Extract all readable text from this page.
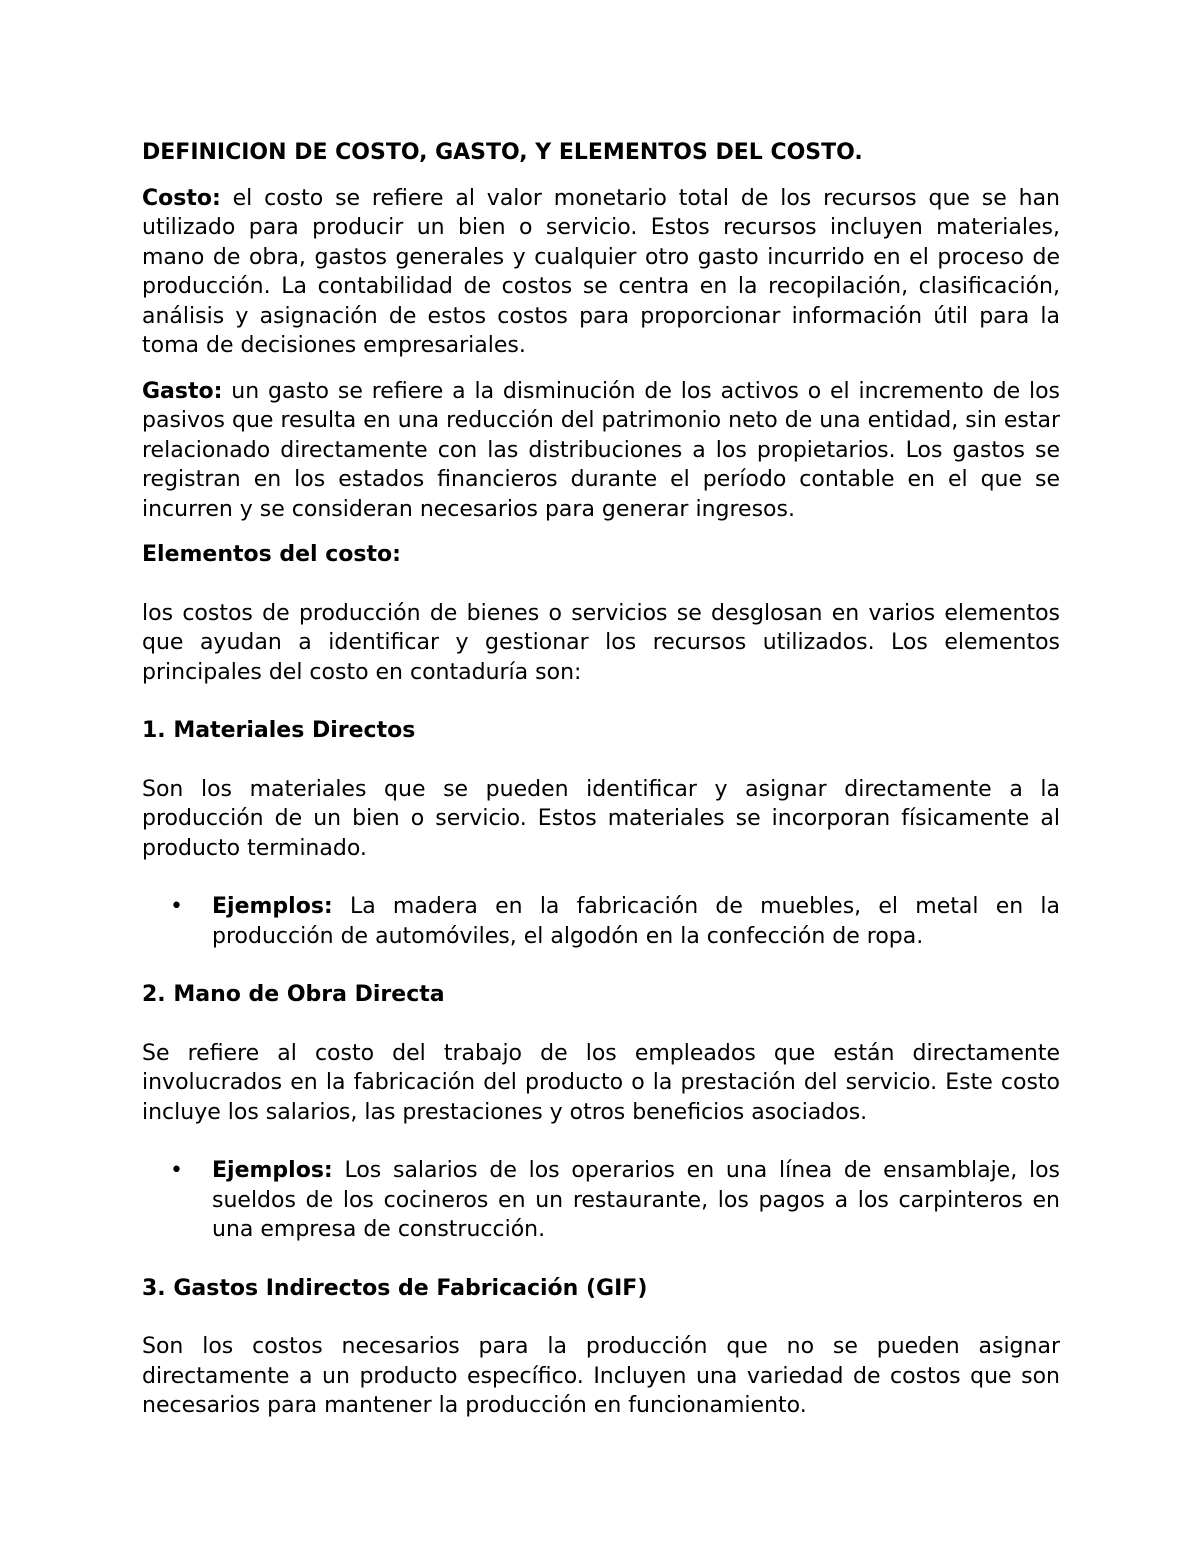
DEFINICION DE COSTO, GASTO, Y ELEMENTOS DEL COSTO.

Costo: el costo se refiere al valor monetario total de los recursos que se han utilizado para producir un bien o servicio. Estos recursos incluyen materiales, mano de obra, gastos generales y cualquier otro gasto incurrido en el proceso de producción. La contabilidad de costos se centra en la recopilación, clasificación, análisis y asignación de estos costos para proporcionar información útil para la toma de decisiones empresariales.

Gasto: un gasto se refiere a la disminución de los activos o el incremento de los pasivos que resulta en una reducción del patrimonio neto de una entidad, sin estar relacionado directamente con las distribuciones a los propietarios. Los gastos se registran en los estados financieros durante el período contable en el que se incurren y se consideran necesarios para generar ingresos.

Elementos del costo:

los costos de producción de bienes o servicios se desglosan en varios elementos que ayudan a identificar y gestionar los recursos utilizados. Los elementos principales del costo en contaduría son:

1. Materiales Directos

Son los materiales que se pueden identificar y asignar directamente a la producción de un bien o servicio. Estos materiales se incorporan físicamente al producto terminado.

• Ejemplos: La madera en la fabricación de muebles, el metal en la producción de automóviles, el algodón en la confección de ropa.

2. Mano de Obra Directa

Se refiere al costo del trabajo de los empleados que están directamente involucrados en la fabricación del producto o la prestación del servicio. Este costo incluye los salarios, las prestaciones y otros beneficios asociados.

• Ejemplos: Los salarios de los operarios en una línea de ensamblaje, los sueldos de los cocineros en un restaurante, los pagos a los carpinteros en una empresa de construcción.

3. Gastos Indirectos de Fabricación (GIF)

Son los costos necesarios para la producción que no se pueden asignar directamente a un producto específico. Incluyen una variedad de costos que son necesarios para mantener la producción en funcionamiento.
